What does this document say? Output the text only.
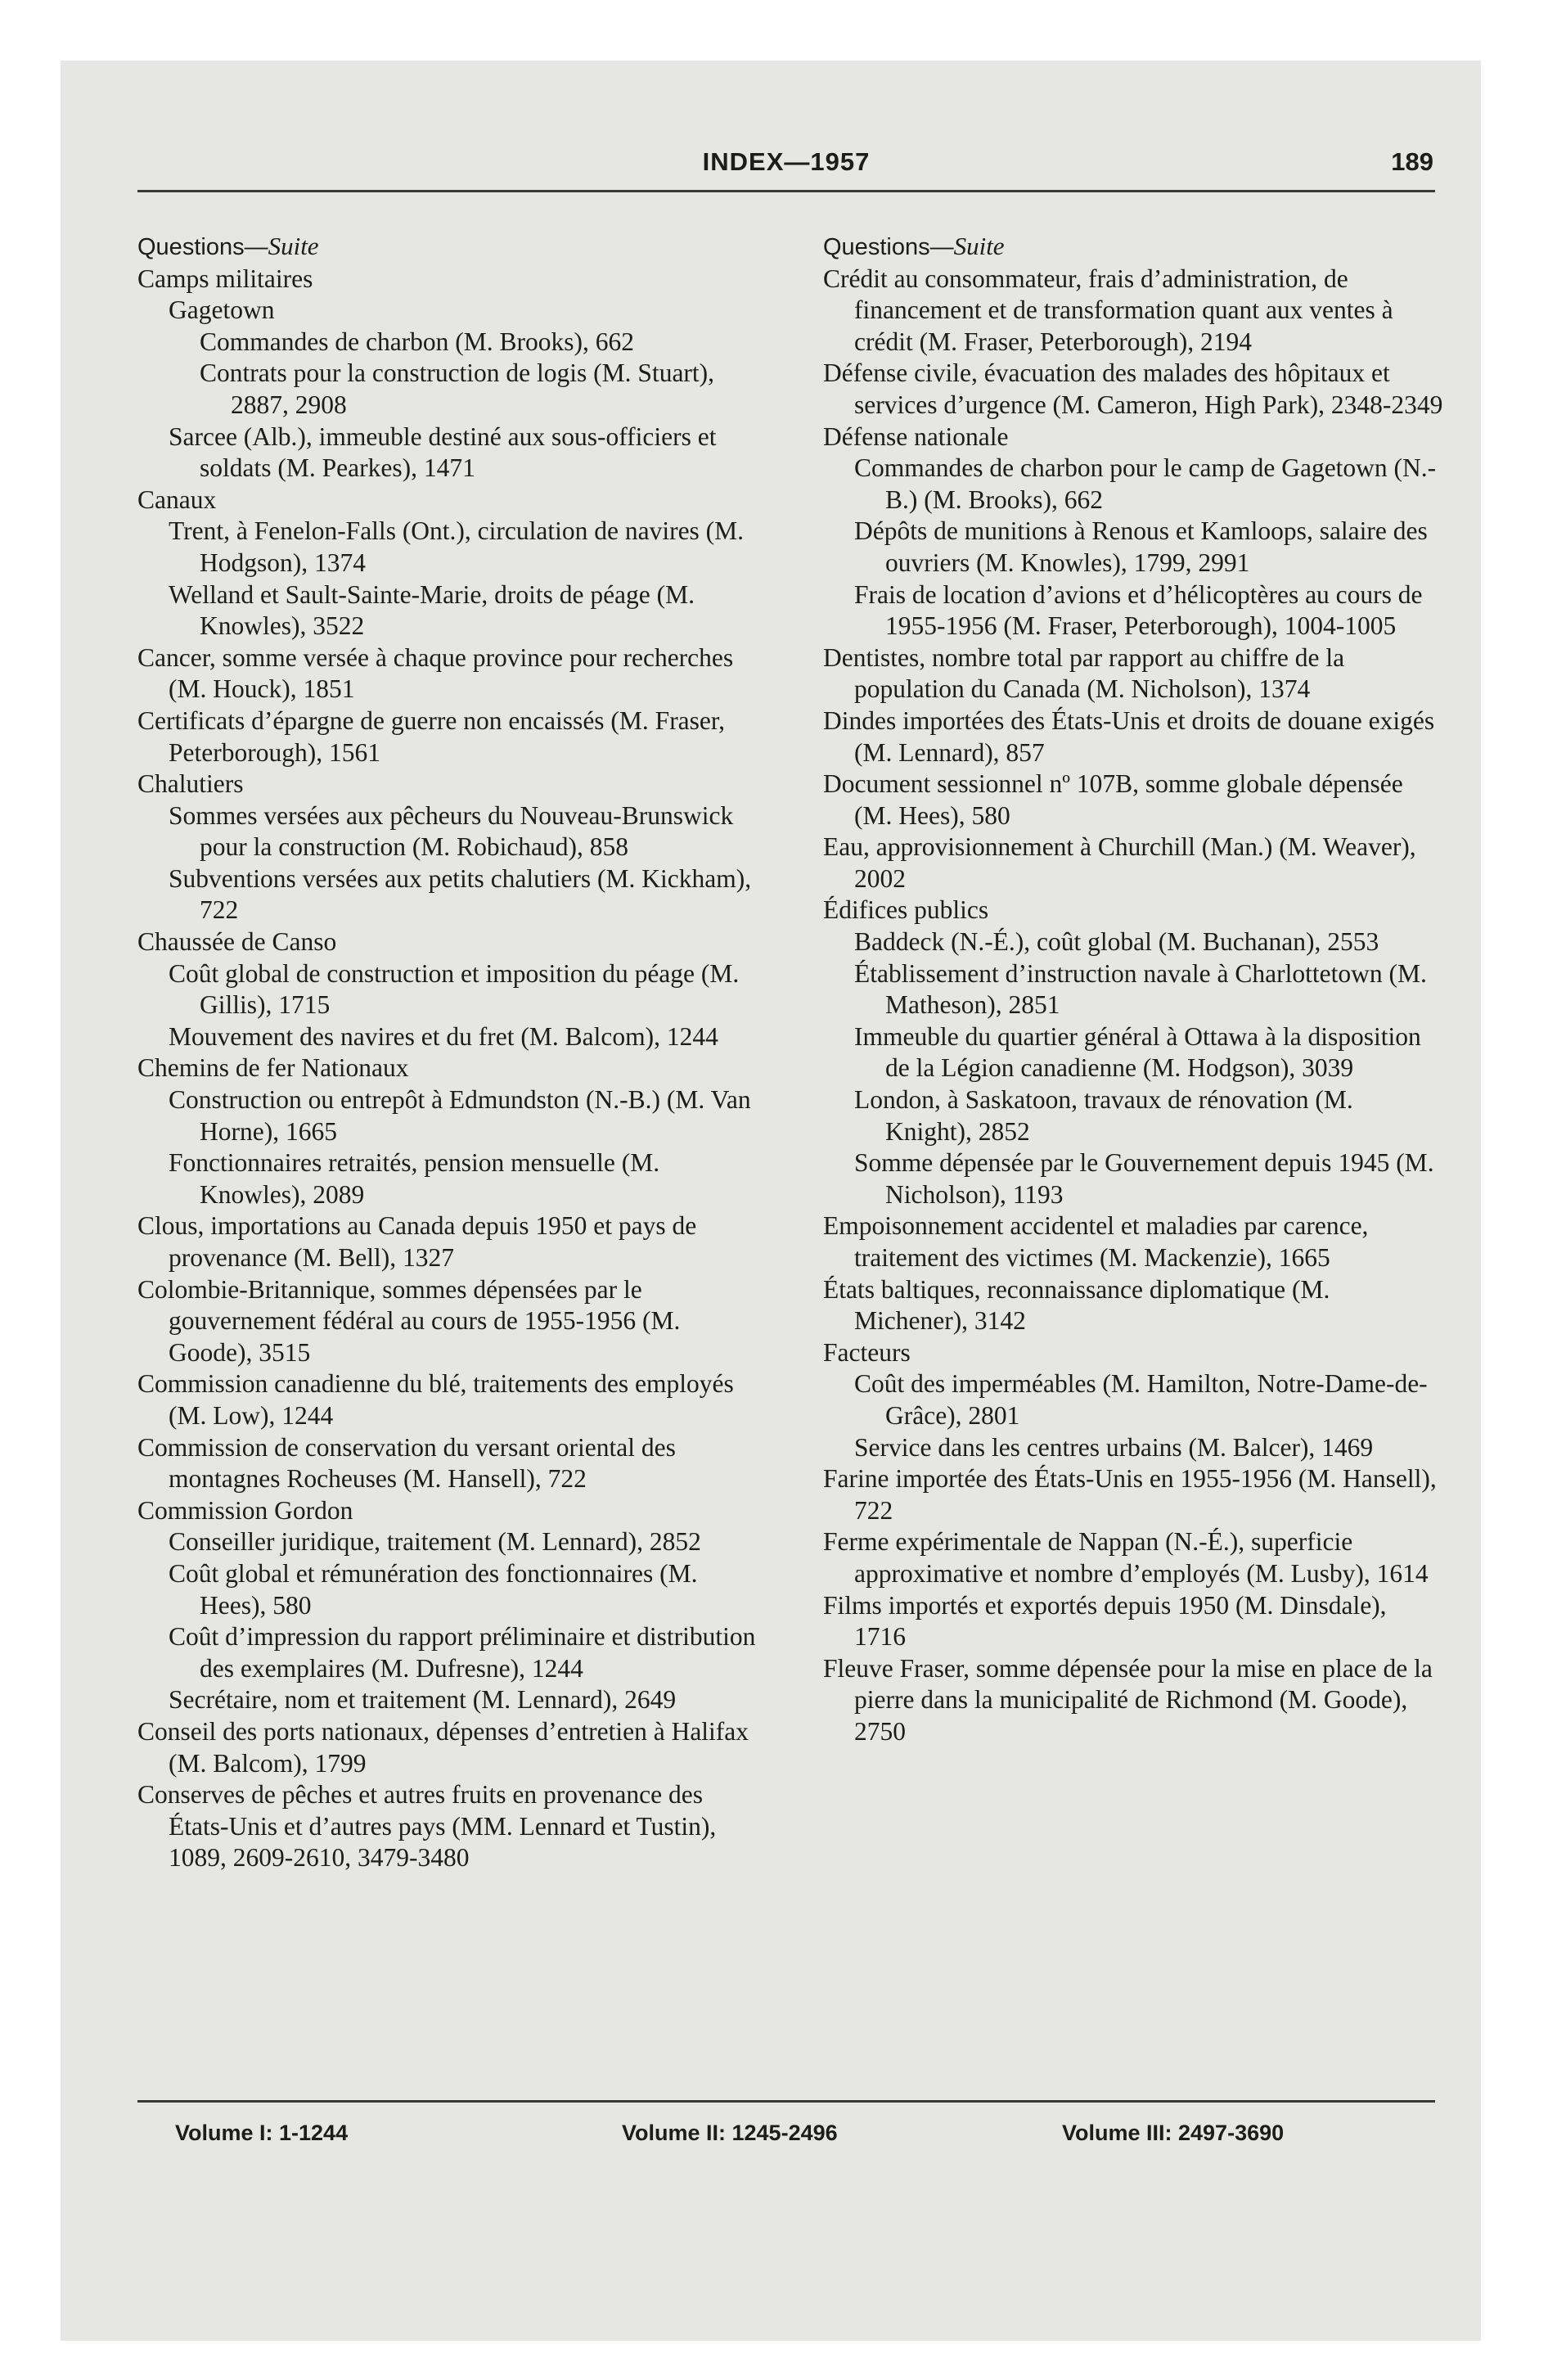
INDEX—1957	189
Questions—Suite
Camps militaires
Gagetown
Commandes de charbon (M. Brooks), 662
Contrats pour la construction de logis (M. Stuart), 2887, 2908
Sarcee (Alb.), immeuble destiné aux sous-officiers et soldats (M. Pearkes), 1471
Canaux
Trent, à Fenelon-Falls (Ont.), circulation de navires (M. Hodgson), 1374
Welland et Sault-Sainte-Marie, droits de péage (M. Knowles), 3522
Cancer, somme versée à chaque province pour recherches (M. Houck), 1851
Certificats d’épargne de guerre non encaissés (M. Fraser, Peterborough), 1561
Chalutiers
Sommes versées aux pêcheurs du Nouveau-Brunswick pour la construction (M. Robichaud), 858
Subventions versées aux petits chalutiers (M. Kickham), 722
Chaussée de Canso
Coût global de construction et imposition du péage (M. Gillis), 1715
Mouvement des navires et du fret (M. Balcom), 1244
Chemins de fer Nationaux
Construction ou entrepôt à Edmundston (N.-B.) (M. Van Horne), 1665
Fonctionnaires retraités, pension mensuelle (M. Knowles), 2089
Clous, importations au Canada depuis 1950 et pays de provenance (M. Bell), 1327
Colombie-Britannique, sommes dépensées par le gouvernement fédéral au cours de 1955-1956 (M. Goode), 3515
Commission canadienne du blé, traitements des employés (M. Low), 1244
Commission de conservation du versant oriental des montagnes Rocheuses (M. Hansell), 722
Commission Gordon
Conseiller juridique, traitement (M. Lennard), 2852
Coût global et rémunération des fonctionnaires (M. Hees), 580
Coût d’impression du rapport préliminaire et distribution des exemplaires (M. Dufresne), 1244
Secrétaire, nom et traitement (M. Lennard), 2649
Conseil des ports nationaux, dépenses d’entretien à Halifax (M. Balcom), 1799
Conserves de pêches et autres fruits en provenance des États-Unis et d’autres pays (MM. Lennard et Tustin), 1089, 2609-2610, 3479-3480
Questions—Suite
Crédit au consommateur, frais d’administration, de financement et de transformation quant aux ventes à crédit (M. Fraser, Peterborough), 2194
Défense civile, évacuation des malades des hôpitaux et services d’urgence (M. Cameron, High Park), 2348-2349
Défense nationale
Commandes de charbon pour le camp de Gagetown (N.-B.) (M. Brooks), 662
Dépôts de munitions à Renous et Kamloops, salaire des ouvriers (M. Knowles), 1799, 2991
Frais de location d’avions et d’hélicoptères au cours de 1955-1956 (M. Fraser, Peterborough), 1004-1005
Dentistes, nombre total par rapport au chiffre de la population du Canada (M. Nicholson), 1374
Dindes importées des États-Unis et droits de douane exigés (M. Lennard), 857
Document sessionnel nº 107B, somme globale dépensée (M. Hees), 580
Eau, approvisionnement à Churchill (Man.) (M. Weaver), 2002
Édifices publics
Baddeck (N.-É.), coût global (M. Buchanan), 2553
Établissement d’instruction navale à Charlottetown (M. Matheson), 2851
Immeuble du quartier général à Ottawa à la disposition de la Légion canadienne (M. Hodgson), 3039
London, à Saskatoon, travaux de rénovation (M. Knight), 2852
Somme dépensée par le Gouvernement depuis 1945 (M. Nicholson), 1193
Empoisonnement accidentel et maladies par carence, traitement des victimes (M. Mackenzie), 1665
États baltiques, reconnaissance diplomatique (M. Michener), 3142
Facteurs
Coût des imperméables (M. Hamilton, Notre-Dame-de-Grâce), 2801
Service dans les centres urbains (M. Balcer), 1469
Farine importée des États-Unis en 1955-1956 (M. Hansell), 722
Ferme expérimentale de Nappan (N.-É.), superficie approximative et nombre d’employés (M. Lusby), 1614
Films importés et exportés depuis 1950 (M. Dinsdale), 1716
Fleuve Fraser, somme dépensée pour la mise en place de la pierre dans la municipalité de Richmond (M. Goode), 2750
Volume I: 1-1244	Volume II: 1245-2496	Volume III: 2497-3690
